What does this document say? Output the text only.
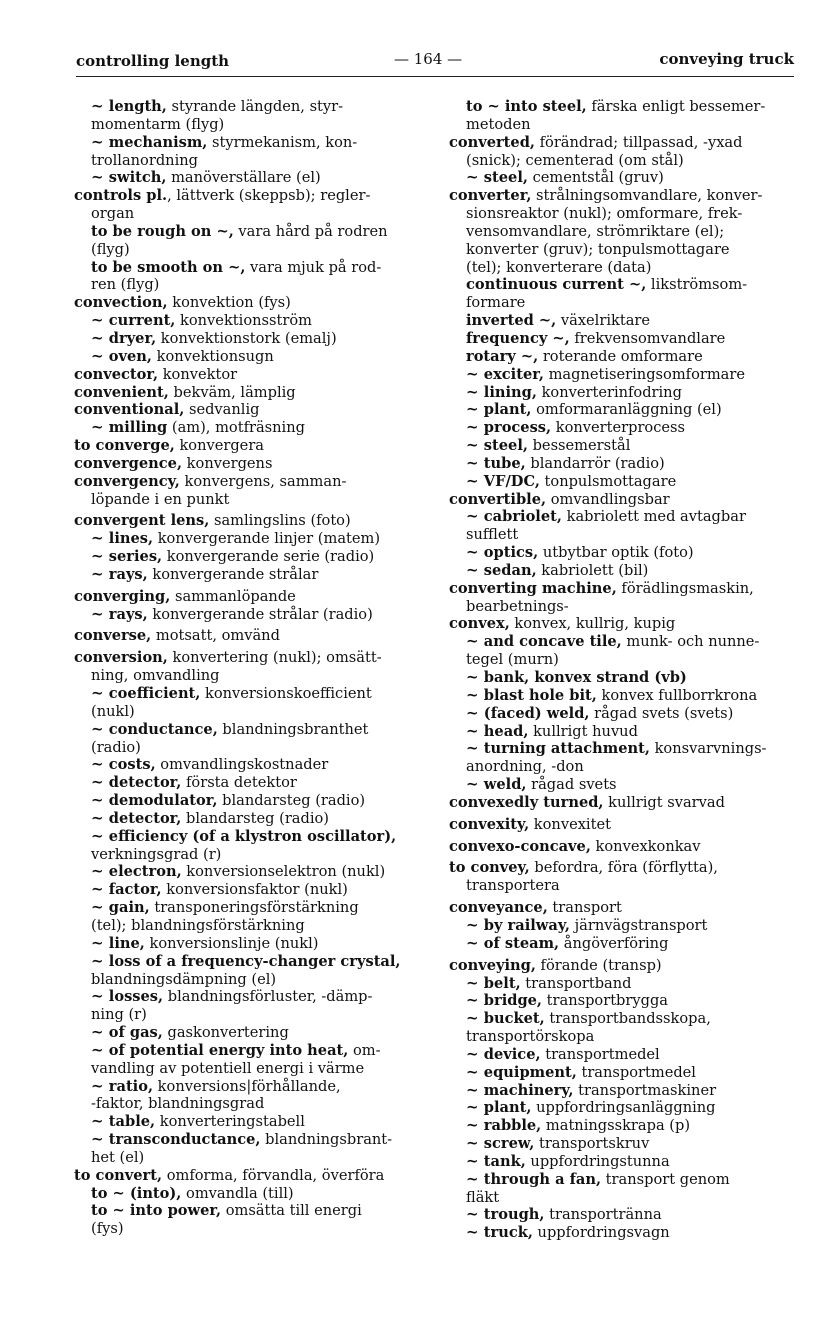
controlling length	— 164 —	conveying truck
~ length, styrande längden, styr-
momentarm (flyg)
~ mechanism, styrmekanism, kon-
trollanordning
~ switch, manöverställare (el)
controls pl., lättverk (skeppsb); regler-
organ
to be rough on ~, vara hård på rodren
(flyg)
to be smooth on ~, vara mjuk på rod-
ren (flyg)
convection, konvektion (fys)
~ current, konvektionsström
~ dryer, konvektionstork (emalj)
~ oven, konvektionsugn
convector, konvektor
convenient, bekväm, lämplig
conventional, sedvanlig
~ milling (am), motfräsning
to converge, konvergera
convergence, konvergens
convergency, konvergens, samman-
löpande i en punkt
convergent lens, samlingslins (foto)
~ lines, konvergerande linjer (matem)
~ series, konvergerande serie (radio)
~ rays, konvergerande strålar
converging, sammanlöpande
~ rays, konvergerande strålar (radio)
converse, motsatt, omvänd
conversion, konvertering (nukl); omsätt-
ning, omvandling
~ coefficient, konversionskoefficient
(nukl)
~ conductance, blandningsbranthet
(radio)
~ costs, omvandlingskostnader
~ detector, första detektor
~ demodulator, blandarsteg (radio)
~ detector, blandarsteg (radio)
~ efficiency (of a klystron oscillator),
verkningsgrad (r)
~ electron, konversionselektron (nukl)
~ factor, konversionsfaktor (nukl)
~ gain, transponeringsförstärkning
(tel); blandningsförstärkning
~ line, konversionslinje (nukl)
~ loss of a frequency-changer crystal,
blandningsdämpning (el)
~ losses, blandningsförluster, -dämp-
ning (r)
~ of gas, gaskonvertering
~ of potential energy into heat, om-
vandling av potentiell energi i värme
~ ratio, konversions|förhållande,
-faktor, blandningsgrad
~ table, konverteringstabell
~ transconductance, blandningsbrant-
het (el)
to convert, omforma, förvandla, överföra
to ~ (into), omvandla (till)
to ~ into power, omsätta till energi
(fys)
to ~ into steel, färska enligt bessemer-
metoden
converted, förändrad; tillpassad, -yxad
(snick); cementerad (om stål)
~ steel, cementstål (gruv)
converter, strålningsomvandlare, konver-
sionsreaktor (nukl); omformare, frek-
vensomvandlare, strömriktare (el);
konverter (gruv); tonpulsmottagare
(tel); konverterare (data)
continuous current ~, likströmsom-
formare
inverted ~, växelriktare
frequency ~, frekvensomvandlare
rotary ~, roterande omformare
~ exciter, magnetiseringsomformare
~ lining, konverterinfodring
~ plant, omformaranläggning (el)
~ process, konverterprocess
~ steel, bessemerstål
~ tube, blandarrör (radio)
~ VF/DC, tonpulsmottagare
convertible, omvandlingsbar
~ cabriolet, kabriolett med avtagbar
sufflett
~ optics, utbytbar optik (foto)
~ sedan, kabriolett (bil)
converting machine, förädlingsmaskin,
bearbetnings-
convex, konvex, kullrig, kupig
~ and concave tile, munk- och nunne-
tegel (murn)
~ bank, konvex strand (vb)
~ blast hole bit, konvex fullborrkrona
~ (faced) weld, rågad svets (svets)
~ head, kullrigt huvud
~ turning attachment, konsvarvnings-
anordning, -don
~ weld, rågad svets
convexedly turned, kullrigt svarvad
convexity, konvexitet
convexo-concave, konvexkonkav
to convey, befordra, föra (förflytta),
transportera
conveyance, transport
~ by railway, järnvägstransport
~ of steam, ångöverföring
conveying, förande (transp)
~ belt, transportband
~ bridge, transportbrygga
~ bucket, transportbandsskopa,
transportörskopa
~ device, transportmedel
~ equipment, transportmedel
~ machinery, transportmaskiner
~ plant, uppfordringsanläggning
~ rabble, matningsskrapa (p)
~ screw, transportskruv
~ tank, uppfordringstunna
~ through a fan, transport genom
fläkt
~ trough, transportränna
~ truck, uppfordringsvagn
